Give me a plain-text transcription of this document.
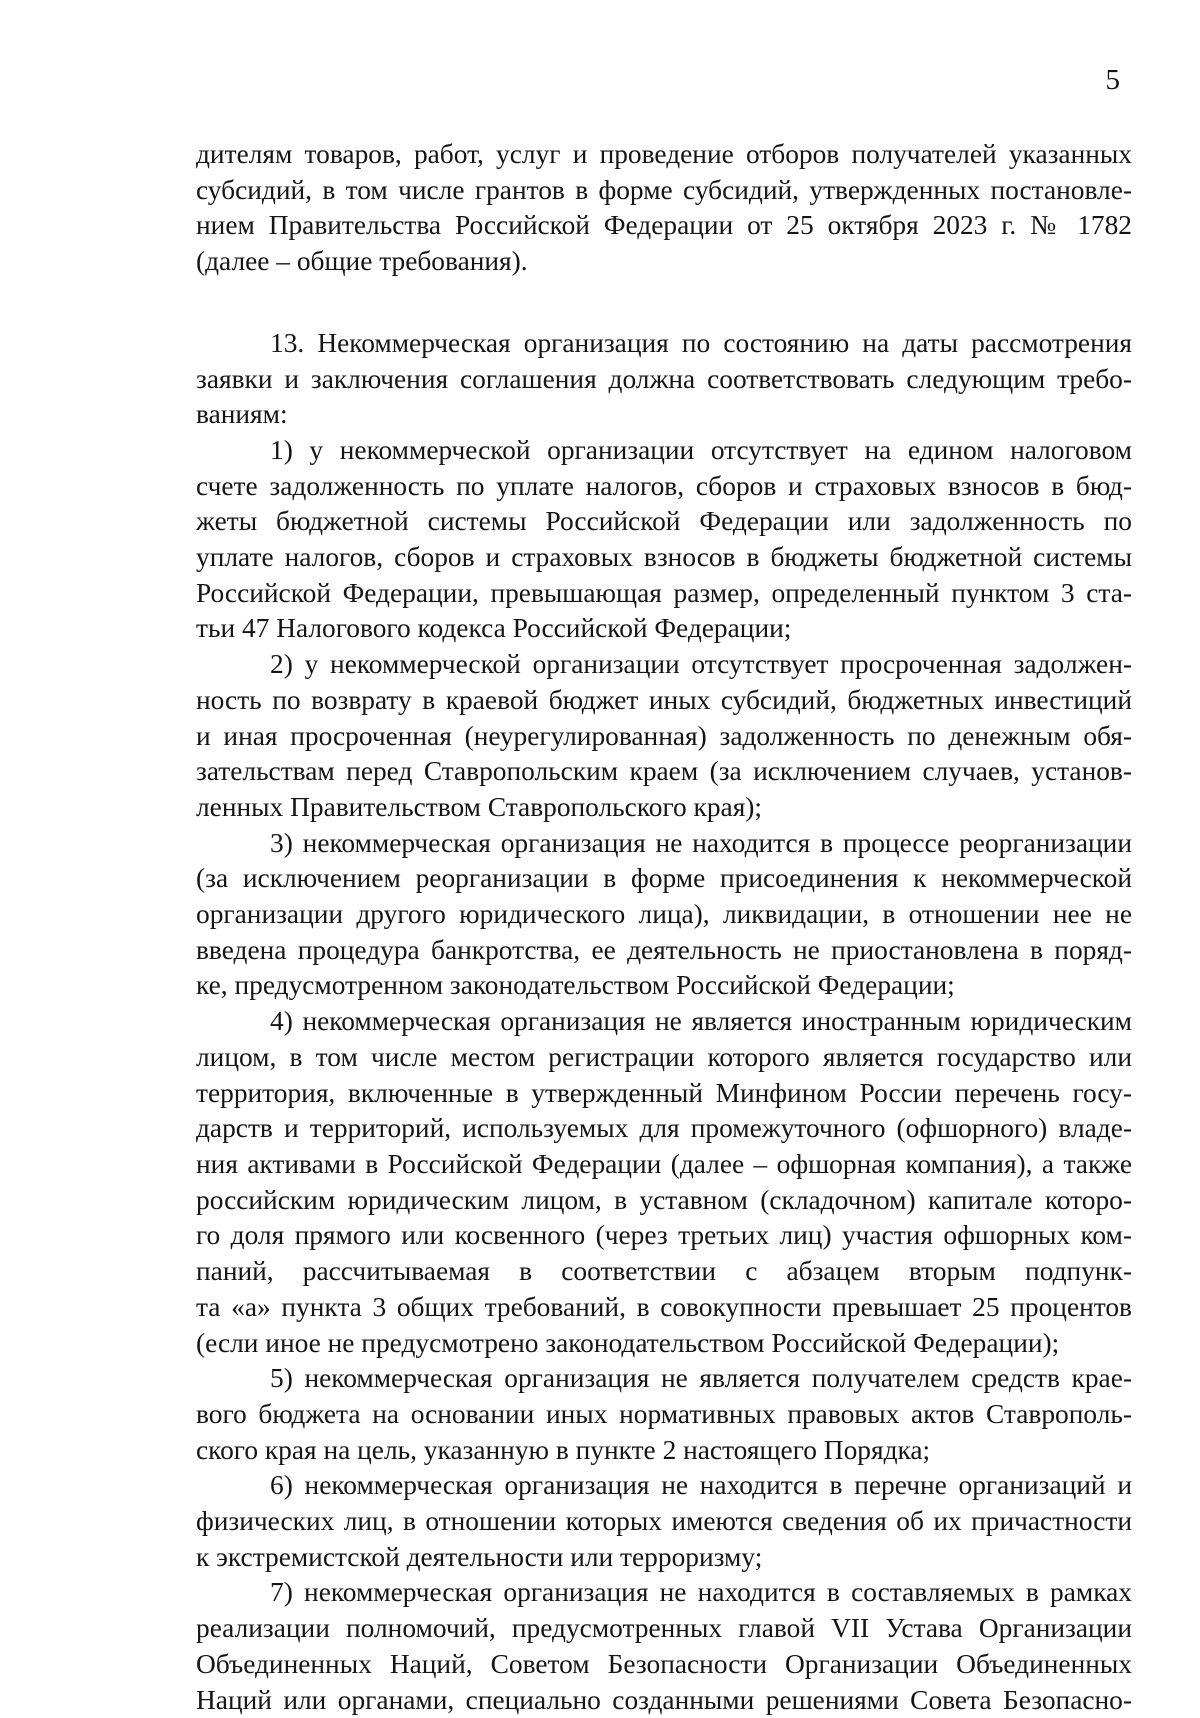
5
дителям товаров, работ, услуг и проведение отборов получателей указанных
субсидий, в том числе грантов в форме субсидий, утвержденных постановле-
нием Правительства Российской Федерации от 25 октября 2023 г. № 1782
(далее – общие требования).
13. Некоммерческая организация по состоянию на даты рассмотрения
заявки и заключения соглашения должна соответствовать следующим требо-
ваниям:
1) у некоммерческой организации отсутствует на едином налоговом
счете задолженность по уплате налогов, сборов и страховых взносов в бюд-
жеты бюджетной системы Российской Федерации или задолженность по
уплате налогов, сборов и страховых взносов в бюджеты бюджетной системы
Российской Федерации, превышающая размер, определенный пунктом 3 ста-
тьи 47 Налогового кодекса Российской Федерации;
2) у некоммерческой организации отсутствует просроченная задолжен-
ность по возврату в краевой бюджет иных субсидий, бюджетных инвестиций
и иная просроченная (неурегулированная) задолженность по денежным обя-
зательствам перед Ставропольским краем (за исключением случаев, установ-
ленных Правительством Ставропольского края);
3) некоммерческая организация не находится в процессе реорганизации
(за исключением реорганизации в форме присоединения к некоммерческой
организации другого юридического лица), ликвидации, в отношении нее не
введена процедура банкротства, ее деятельность не приостановлена в поряд-
ке, предусмотренном законодательством Российской Федерации;
4) некоммерческая организация не является иностранным юридическим
лицом, в том числе местом регистрации которого является государство или
территория, включенные в утвержденный Минфином России перечень госу-
дарств и территорий, используемых для промежуточного (офшорного) владе-
ния активами в Российской Федерации (далее – офшорная компания), а также
российским юридическим лицом, в уставном (складочном) капитале которо-
го доля прямого или косвенного (через третьих лиц) участия офшорных ком-
паний, рассчитываемая в соответствии с абзацем вторым подпунк-
та «а» пункта 3 общих требований, в совокупности превышает 25 процентов
(если иное не предусмотрено законодательством Российской Федерации);
5) некоммерческая организация не является получателем средств крае-
вого бюджета на основании иных нормативных правовых актов Ставрополь-
ского края на цель, указанную в пункте 2 настоящего Порядка;
6) некоммерческая организация не находится в перечне организаций и
физических лиц, в отношении которых имеются сведения об их причастности
к экстремистской деятельности или терроризму;
7) некоммерческая организация не находится в составляемых в рамках
реализации полномочий, предусмотренных главой VII Устава Организации
Объединенных Наций, Советом Безопасности Организации Объединенных
Наций или органами, специально созданными решениями Совета Безопасно-
